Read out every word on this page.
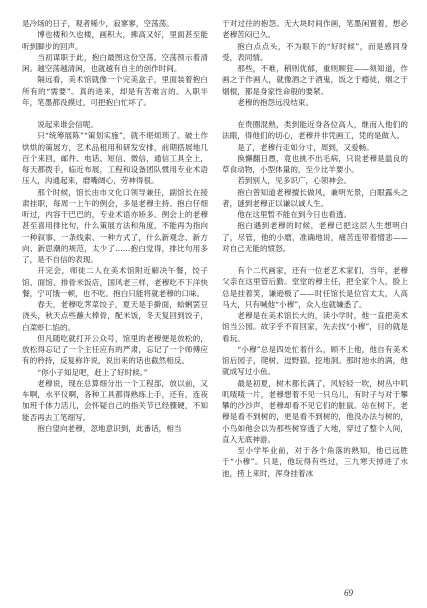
是冷场的日子，观者稀少，寂寥寥，空荡荡。

博也楼和久也楼，画积大，拂高又好，里面甚至能听到脚步的回声。

当初谋职于此，抱白最图这份空荡。空荡预示着清闲。越空荡越清闲，也就越有自主的创作时间。

隔远看，美术馆就像一个完美盒子，里面装着抱白所有的“需要”。真的进来，却是有苦难言的。入职半年，笔墨都没摸过，可把抱白忙坏了。

说起来谁会信呢。

只“统筹展陈”“策划实施”，就不堪烦琐了。破土作烘烘的策展方，艺术品租用和研发安排，前期搭展地几百个来回，邮件、电话、短信、微信，通信工具全上，每天都拨手，临近布展，工程和设备团队惯用专业术语压人，沟通起来，磨嘴阔心，劳神得很。

那个时候，馆长由市文化口领导兼任，副馆长在接肃挂职，每周一上午的例会，多是老穆主持。抱白仔细听过，内容干巴巴的，专业术语亦矫多。例会上的老穆甚至喜用排比句，什么策展方法和角度，不能再为指向一种叙事、一条线索、一种方式了，什么新观念、新方向、新思潮的规范，太少了……抱白觉得，排比句用多了，是不自信的表现。

开完会，师徒二人在美术馆附近解决午餐，饺子馆、面馆、排骨米饭店，国风老三样，老穆吃不下洋快餐，宁可饿一顿，也不吃。抱白只能将就老穆的口味。

春天，老穆吃荠菜饺子，夏天是手擀面，蛤蜊罢豆浇头，秋天点些蘸大棒骨，配米饭，冬天复回到饺子，白菜虾仁馅的。

但凡随吃就打开公众号，馆里的老穆便是放松的，放松得忘记了一个主任应有的严肃，忘记了一个师傅应有的矜持，反复称许说，说出来的话也截然相反。

“你小子知足吧，赶上了好时候。”

老穆说，现在总算细分出一个工程部，放以前，又车啊，水平仪啊，各种工具都得熟练上手，还有，连夜加班千体力活儿，会怀疑自己的指关节已经骤硬，不知能否再去工笔细写。

抱白望向老穆，忽地意识到，此番话，相当

于对过往的抱怨。无大块时间作画，笔墨闲置着，想必老穆苦闷已久。

抱白点点头，不为眼下的“好时候”，而是感同身受，表同情。

那些，不难，稍则优郁，重则顾狂——须知道，作画之于作画人，就像酒之于酒鬼，饭之于瘾徒，烟之于烟棍，都是身家性命般的要紧。

老穆的抱怨远没结束。

在贵圈混熟，类到能近身各位高人，继而入他们的法眼，得他们的切心，老穆并非凭画工，凭的是做人。

是了，老穆行走如分寸，周到，又爱畅。

换懈翻日愚，竟也挑不出毛病，只说老穆是温良的草食动物，小型体量的，至少比羊要小。

若到别人，见多识广，心领神会。

抱白曾知道老穆擅长做风，兼明光景，白眼露头之者，谜到老穆正以谦以诚人生。

他在这里暂不能在到今日也看透。

抱白遇到老穆的时候，老穆已把这层人生想明白了，尽管，他的小磨，准确地说，痛苦连带着憎悲——对自己无能的愤怒。

有个二代画家，还有一位老艺术家们，当年，老穆父亲在这里管后勤。堂堂的穆主任，把全家个人，脸上总是挂着笑，谦逊极了——时任馆长是位官太太，人高马大，只有喊他“小穆”，众人也就嫌悉了。

老穆是在美术馆长大的，读小学时，他一直把美术馆当公园。故字乎不育回家，先去找“小穆”，目的就是看玩。

“小穆”总是四处忙着什么，顾不上他，他自有美术馆后园子，爬树、逗野猫、挖地洞。那时池水的满，他就成写过小鱼。

最是初夏，树木都长满了，风轻轻一吹，树丛中叽叽喳喳一片，老穆想着不见一只乌儿，有时子与对于攀攀的沙沙声，老穆却看不见它们的脏鼠。站在树下，老穆是看不到树的，更是看不到树的，他没办法与树的，小鸟如他会以为那些树穿透了大地，穿过了整个人间，直入无底神游。

至小学毕业前，对于各个角落的熟知，他已远胜于“小穆”。只是，他玩得有些过，三九寒天掉进了水池，捞上来时，浑身挂着冰

69
